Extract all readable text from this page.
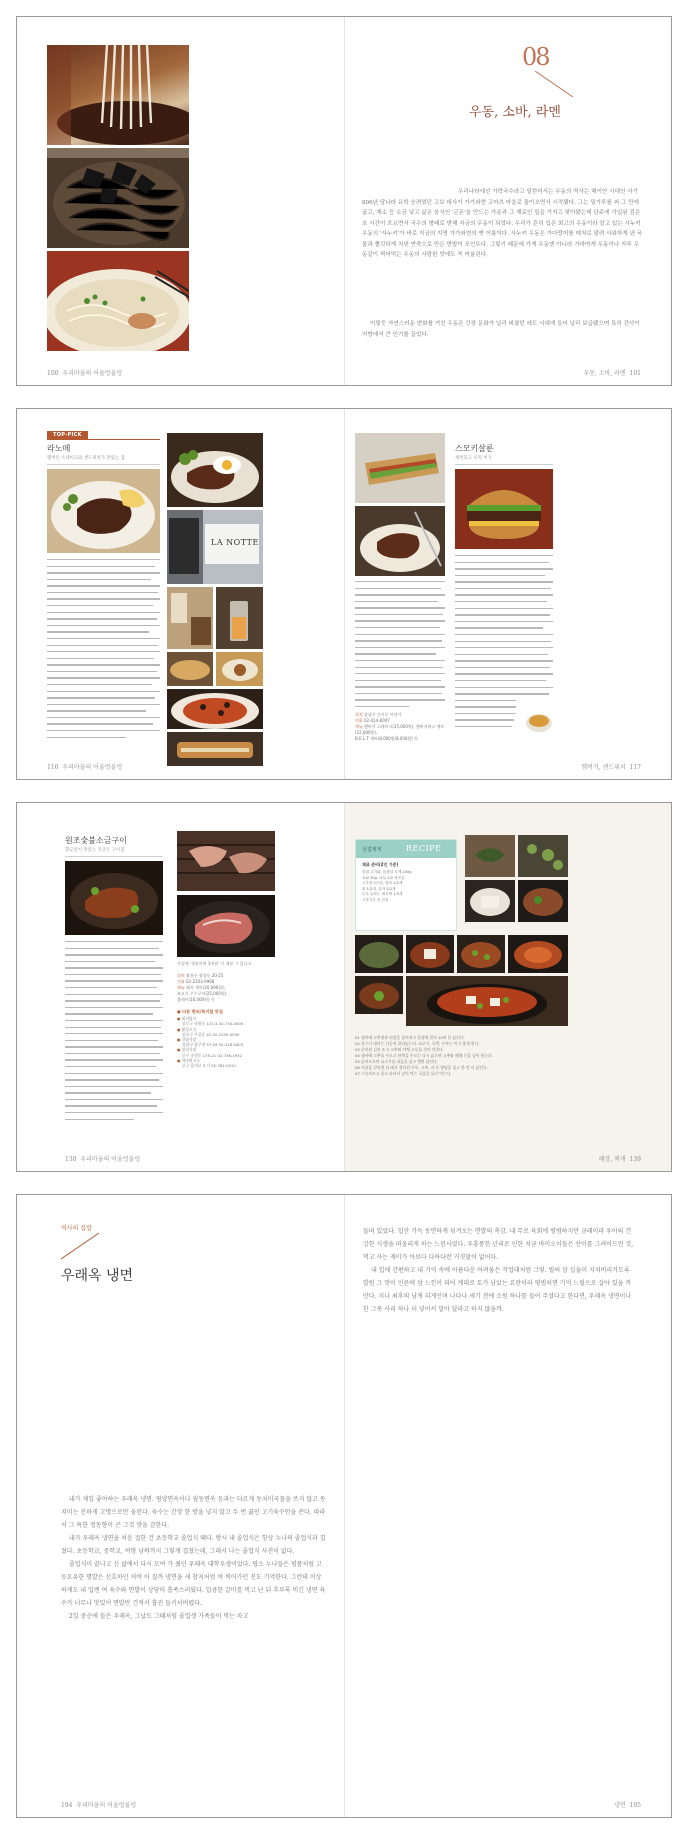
08
우동, 소바, 라멘
우리나라에선 가락국수라고 일컫어서는 우동의 역사는 헤이안 시대인 서기 806년 당나라 유학 승려였던 고보 대사가 가가와현 고마츠 마을로 돌아오면서 시작됐다. 그는 밀가루를 써 그 만에 굽고, 재소 등 소금 넣고 삶은 음식인 '곤몬'을 만드는 가운과 그 재료인 밀을 가지고 찾아왔는데 단주에 가입된 검은호 시간이 흐르면서 국수의 형태로 변해 지금의 우동이 되었다. 우리가 흔히 입은 최고의 우동이라 알고 있는 사누키 우동의 '사누키'가 바로 지금의 지명 가가와현의 옛 이름이다. 사누키 우동은 가다랑어를 데쳐로 말려 사워하게 낸 국물과 쫄깃하게 치댄 반죽으로 만든 면발이 포인트다. 그렇기 때문에 가게 우동엔 아니라 가마야게 우동이나 자루 우동같이 찍어먹는 우동의 사람한 맛에도 꼭 어울린다.
이렇듯 자연스러운 변화를 거친 우동은 간장 문화가 널리 퍼졌던 에도 시대에 들어 널리 보급됐으며 특히 간사이 지방에서 큰 인기를 끌었다.
100 우리마을의 어울렁울렁	우동, 소바, 라멘 101
TOP-PICK
라노떼
멜버른 스테이크와 샌드위치가 맛있는 집
LA NOTTE
위치 강남구 신사동 어딘가
전화 02-414-6007
메뉴 햄버거 스테이크(15,000원), 햄버거버스 세트(22,000원),
B.E.L.T 세트(8,000원/8,000원) 등
스모키살룬
세련되고 우리 버거
116 우리마을의 어울렁울렁	햄버거, 샌드위치 117
원조숯불소금구이
향긋일이 맛있는 지글든 구이집
사설에 '생월이면 3개월' 이 제보 그 있다고
위치 광진구 광장동 20-25
전화 02-2203-9968
메뉴 돼지 세트(20,000원),
쏘고기 주수구이(25,000원),
볼테이(16,000원) 등
● 다른 편의/특이할 맛집
● 세칙당식
종로구 낙원동 127-4 02-730-0000
● 황성고기
종로구 두길동 42 02-2255-0030
● 갈릴식당
강남구 압구정 57-29 02-518-5403
● 볼림식당
중구 중림동 175-21 02-736-1932
● 마마편고소
중구 을지로 3 가 02-781-0410
RECIPE
삼겹제게
재료 준비(2인 기준)
삼겹 고기와, 곱창살 부게 200g
쇼와 30g, 마늘 1/2 작은술
고추장 2큰술, 양파 1/2개
파 1/2대, 감자 1/2개
두부 1/3모, 애호박 1/3개
고춧가루 한 큰술
01 냄비에 고추장과 된장을 풀어내고 한참에 멸치 10여 분 끓인다.
02 육수나 냄비는 다듬어 잘라놓는다. 쇠고기, 호박, 두부는 먹기 좋게 썬다.
03 준비된 김치 또고 고추와 야채 고루를 섞어 익힌다.
04 냄비에 고추를 두르고 한쪽을 두르는 다시 끓으면 고추와 해채 등을 넣어 볶는다.
05 끓어오르면 쇠고기를 파들을 넣고 썰면 끓인다.
06 거품을 걷어낸 뒤 돼지 잘라진 두부, 고추, 파 등 양념을 넣고 한 번 더 끓인다.
07 그릇자르고 물고 파라서 넣어 먹는 국물을 돌리 먹는다.
138 우리마을의 어울렁울렁	해장, 찌개 139
역사의 집밥
우래옥 냉면

내가 제일 좋아하는 우래옥 냉면. 평양면옥이나 필동면옥 등과는 다르게 동치미국물을 쓰지 않고 동치미는 진하게 고명으로만 올린다. 육수는 간장 한 방울 넣지 않고 두 번 끓인 고기육수만을 쓴다. 따라서 그 특한 청동향이 곤 그것 맛을 감한다.

내가 우래옥 냉면을 처음 접한 건 초등학교 졸업식 때다. 방시 내 졸업식은 항상 누나의 졸업식과 겹쳤다. 초등학교, 중학교, 여형 남짜까지 그렇게 겹쳤는데, 그래서 나는 졸업식 사진이 없다.

졸업식이 끝나고 신 없에서 다시 모여 가 줬던 우래옥 대학우생이었다. 평소 누나들은 평품처럼 고등요유한 명발은 선호하던 처여 어 질까 냉면을 세 참지처럼 여 씩어가던 진도 기억한다. 그런데 이상하게도 내 입엔 여 육수와 면발이 상당히 흡족스러웠다. 입큼한 갈비를 먹고 난 뒤 후루룩 비긴 냉면 육수가 너무나 맛있어 면발만 건져서 흡진 들키서버렸다.

2일 중순에 들은 우래옥, 그날도 그때처럼 졸업생 가족들이 먹는 차고

들떠 있었다. 입안 가득 동면하게 섞겨오는 면발의 촉감. 내 무로 육회에 평범하지만 금래이라 우아의 건강한 식생을 떠올리게 하는 느린사였다. 우흥풍한 년리로 인한 치금 바이오이들은 산이를 그려어드린 것, 먹고 사는 재미가 아보다 다하다란 거짓말이 없어다.

내 입에 간편하고 내 기억 속에 아름다운 어려움은 작업대처럼 그렇. 벌써 삼 십을이 지쳐버리거도록 발원 그 맛이 인론에 삼 느낀이 되어 계대로 토가 남았는 요란이라 평범히면 기억 느릴으로 살아 있을 까만다. 지나 최후의 남게 되게인며 나다나 세기 전에 소원 하나를 들어 주셨다고 한다면, 우래옥 냉면이나 한 그릇 사리 하나 더 넣어서 말아 달라고 하지 않을까.

194 우리마을의 어울렁울렁	냉면 195
